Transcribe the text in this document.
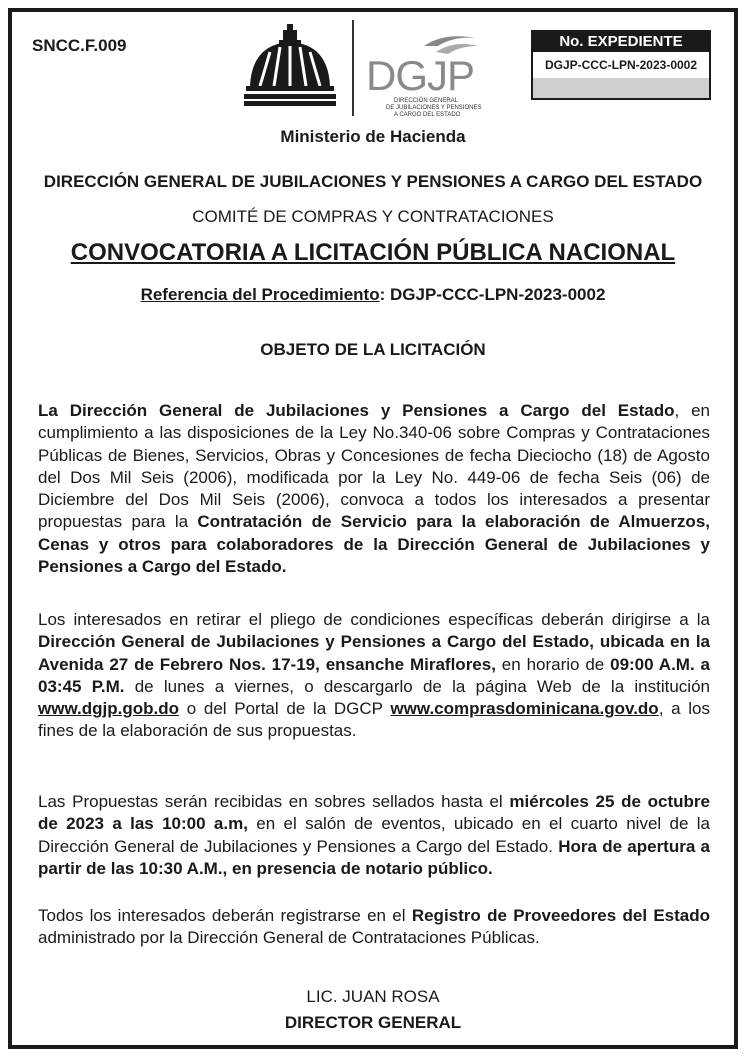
SNCC.F.009
DGJP
DIRECCIÓN GENERAL
DE JUBILACIONES Y PENSIONES
A CARGO DEL ESTADO
No. EXPEDIENTE
DGJP-CCC-LPN-2023-0002
Ministerio de Hacienda
DIRECCIÓN GENERAL DE JUBILACIONES Y PENSIONES A CARGO DEL ESTADO
COMITÉ DE COMPRAS Y CONTRATACIONES
CONVOCATORIA A LICITACIÓN PÚBLICA NACIONAL
Referencia del Procedimiento: DGJP-CCC-LPN-2023-0002
OBJETO DE LA LICITACIÓN
La Dirección General de Jubilaciones y Pensiones a Cargo del Estado, en cumplimiento a las disposiciones de la Ley No.340-06 sobre Compras y Contrataciones Públicas de Bienes, Servicios, Obras y Concesiones de fecha Dieciocho (18) de Agosto del Dos Mil Seis (2006), modificada por la Ley No. 449-06 de fecha Seis (06) de Diciembre del Dos Mil Seis (2006), convoca a todos los interesados a presentar propuestas para la Contratación de Servicio para la elaboración de Almuerzos, Cenas y otros para colaboradores de la Dirección General de Jubilaciones y Pensiones a Cargo del Estado.
Los interesados en retirar el pliego de condiciones específicas deberán dirigirse a la Dirección General de Jubilaciones y Pensiones a Cargo del Estado, ubicada en la Avenida 27 de Febrero Nos. 17-19, ensanche Miraflores, en horario de 09:00 A.M. a 03:45 P.M. de lunes a viernes, o descargarlo de la página Web de la institución www.dgjp.gob.do o del Portal de la DGCP www.comprasdominicana.gov.do, a los fines de la elaboración de sus propuestas.
Las Propuestas serán recibidas en sobres sellados hasta el miércoles 25 de octubre de 2023 a las 10:00 a.m, en el salón de eventos, ubicado en el cuarto nivel de la Dirección General de Jubilaciones y Pensiones a Cargo del Estado. Hora de apertura a partir de las 10:30 A.M., en presencia de notario público.
Todos los interesados deberán registrarse en el Registro de Proveedores del Estado administrado por la Dirección General de Contrataciones Públicas.
LIC. JUAN ROSA
DIRECTOR GENERAL
